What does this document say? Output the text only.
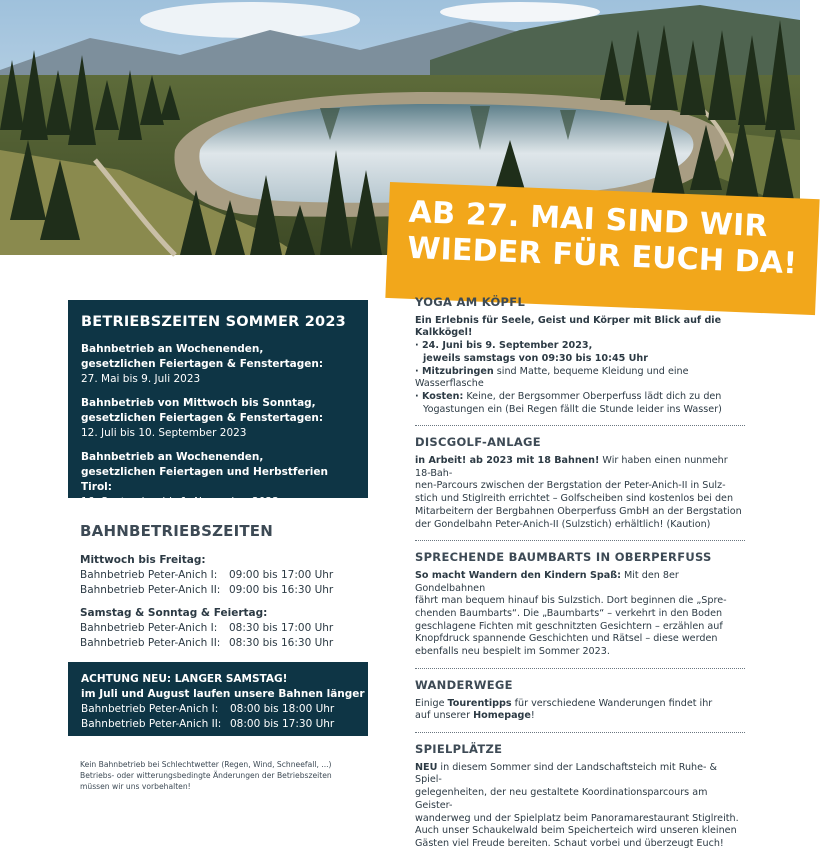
AB 27. MAI SIND WIR
WIEDER FÜR EUCH DA!
BETRIEBSZEITEN SOMMER 2023
Bahnbetrieb an Wochenenden,
gesetzlichen Feiertagen & Fenstertagen:
27. Mai bis 9. Juli 2023
Bahnbetrieb von Mittwoch bis Sonntag,
gesetzlichen Feiertagen & Fenstertagen:
12. Juli bis 10. September 2023
Bahnbetrieb an Wochenenden,
gesetzlichen Feiertagen und Herbstferien Tirol:
16. September bis 1. November 2023
BAHNBETRIEBSZEITEN
Mittwoch bis Freitag:
Bahnbetrieb Peter-Anich I:	09:00 bis 17:00 Uhr
Bahnbetrieb Peter-Anich II: 09:00 bis 16:30 Uhr
Samstag & Sonntag & Feiertag:
Bahnbetrieb Peter-Anich I:	08:30 bis 17:00 Uhr
Bahnbetrieb Peter-Anich II: 08:30 bis 16:30 Uhr
ACHTUNG NEU: LANGER SAMSTAG!
im Juli und August laufen unsere Bahnen länger
Bahnbetrieb Peter-Anich I:	08:00 bis 18:00 Uhr
Bahnbetrieb Peter-Anich II: 08:00 bis 17:30 Uhr
Kein Bahnbetrieb bei Schlechtwetter (Regen, Wind, Schneefall, ...)
Betriebs- oder witterungsbedingte Änderungen der Betriebszeiten
müssen wir uns vorbehalten!
YOGA AM KÖPFL

Ein Erlebnis für Seele, Geist und Körper mit Blick auf die Kalkkögel!

· 24. Juni bis 9. September 2023,

jeweils samstags von 09:30 bis 10:45 Uhr

· Mitzubringen sind Matte, bequeme Kleidung und eine Wasserflasche

· Kosten: Keine, der Bergsommer Oberperfuss lädt dich zu den

Yogastungen ein (Bei Regen fällt die Stunde leider ins Wasser)

DISCGOLF-ANLAGE

in Arbeit! ab 2023 mit 18 Bahnen! Wir haben einen nunmehr 18-Bah-

nen-Parcours zwischen der Bergstation der Peter-Anich-II in Sulz-

stich und Stiglreith errichtet – Golfscheiben sind kostenlos bei den

Mitarbeitern der Bergbahnen Oberperfuss GmbH an der Bergstation

der Gondelbahn Peter-Anich-II (Sulzstich) erhältlich! (Kaution)

SPRECHENDE BAUMBARTS IN OBERPERFUSS

So macht Wandern den Kindern Spaß: Mit den 8er Gondelbahnen

fährt man bequem hinauf bis Sulzstich. Dort beginnen die „Spre-

chenden Baumbarts“. Die „Baumbarts“ – verkehrt in den Boden

geschlagene Fichten mit geschnitzten Gesichtern – erzählen auf

Knopfdruck spannende Geschichten und Rätsel – diese werden

ebenfalls neu bespielt im Sommer 2023.

WANDERWEGE

Einige Tourentipps für verschiedene Wanderungen findet ihr

auf unserer Homepage!

SPIELPLÄTZE

NEU in diesem Sommer sind der Landschaftsteich mit Ruhe- & Spiel-

gelegenheiten, der neu gestaltete Koordinationsparcours am Geister-

wanderweg und der Spielplatz beim Panoramarestaurant Stiglreith.

Auch unser Schaukelwald beim Speicherteich wird unseren kleinen

Gästen viel Freude bereiten. Schaut vorbei und überzeugt Euch!
